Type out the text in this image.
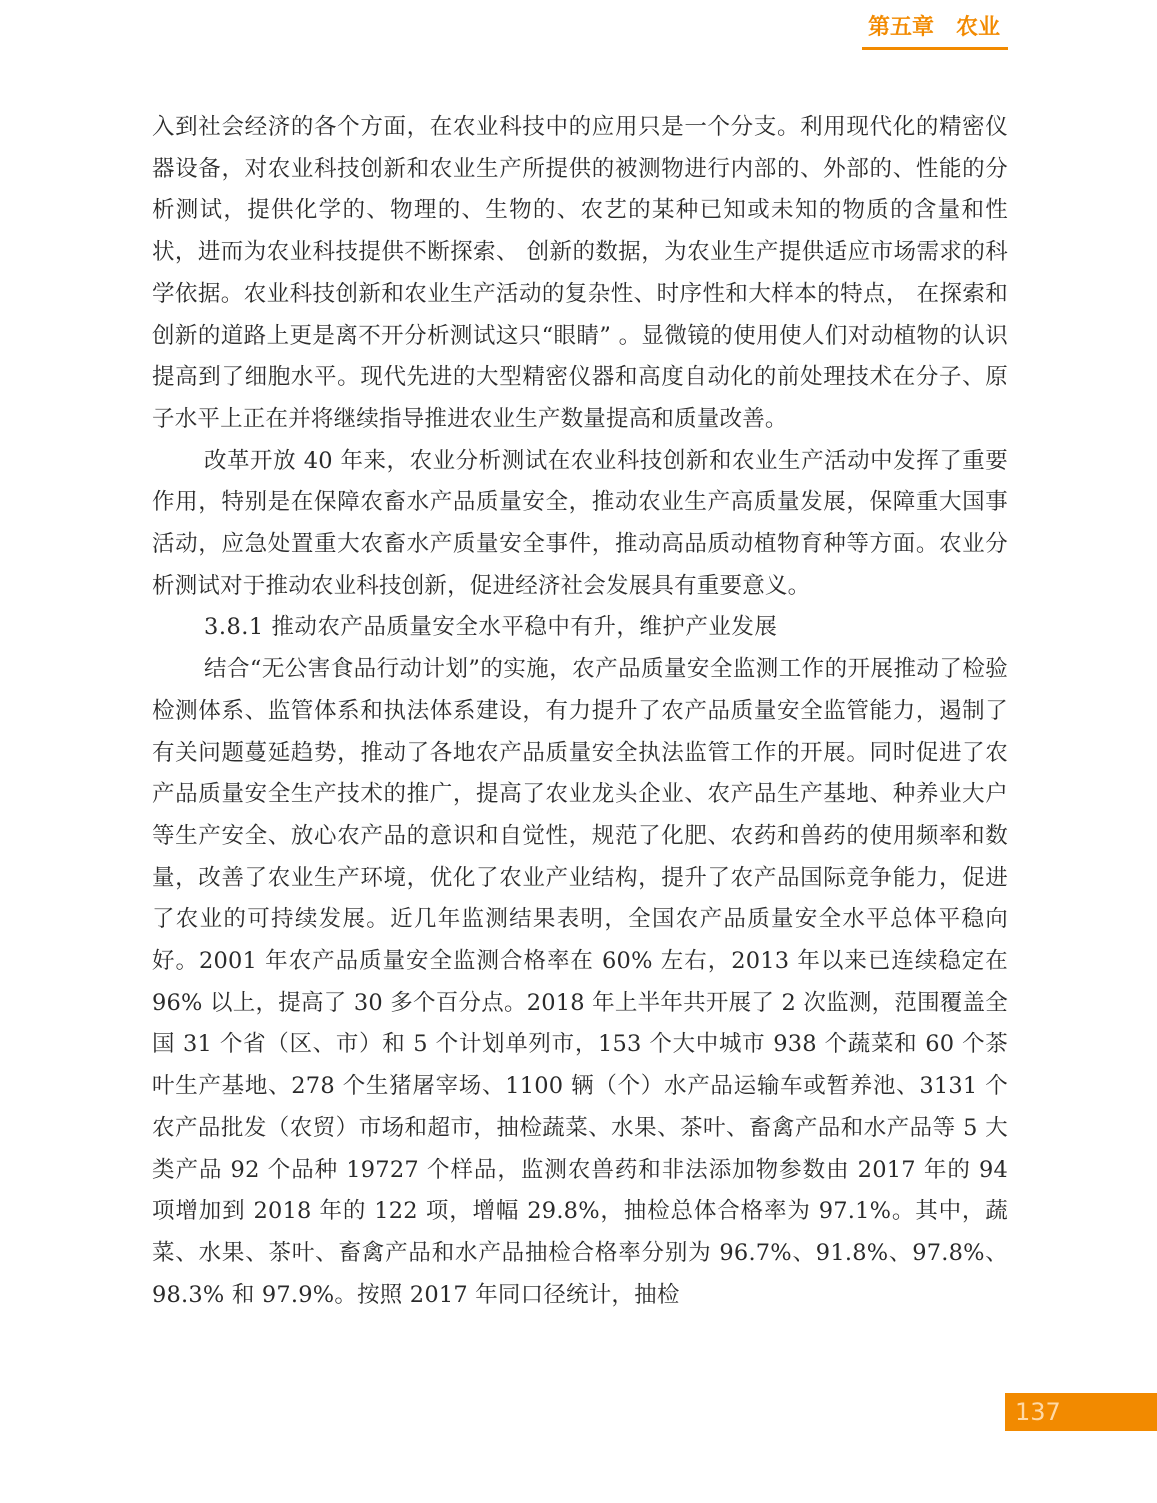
第五章　农业

入到社会经济的各个方面，在农业科技中的应用只是一个分支。利用现代化的精密仪器设备，对农业科技创新和农业生产所提供的被测物进行内部的、外部的、性能的分析测试，提供化学的、物理的、生物的、农艺的某种已知或未知的物质的含量和性状，进而为农业科技提供不断探索、 创新的数据，为农业生产提供适应市场需求的科学依据。农业科技创新和农业生产活动的复杂性、时序性和大样本的特点， 在探索和创新的道路上更是离不开分析测试这只“眼睛” 。显微镜的使用使人们对动植物的认识提高到了细胞水平。现代先进的大型精密仪器和高度自动化的前处理技术在分子、原子水平上正在并将继续指导推进农业生产数量提高和质量改善。

改革开放 40 年来，农业分析测试在农业科技创新和农业生产活动中发挥了重要作用，特别是在保障农畜水产品质量安全，推动农业生产高质量发展，保障重大国事活动，应急处置重大农畜水产质量安全事件，推动高品质动植物育种等方面。农业分析测试对于推动农业科技创新，促进经济社会发展具有重要意义。

3.8.1 推动农产品质量安全水平稳中有升，维护产业发展

结合“无公害食品行动计划”的实施，农产品质量安全监测工作的开展推动了检验检测体系、监管体系和执法体系建设，有力提升了农产品质量安全监管能力，遏制了有关问题蔓延趋势，推动了各地农产品质量安全执法监管工作的开展。同时促进了农产品质量安全生产技术的推广，提高了农业龙头企业、农产品生产基地、种养业大户等生产安全、放心农产品的意识和自觉性，规范了化肥、农药和兽药的使用频率和数量，改善了农业生产环境，优化了农业产业结构，提升了农产品国际竞争能力，促进了农业的可持续发展。近几年监测结果表明，全国农产品质量安全水平总体平稳向好。2001 年农产品质量安全监测合格率在 60% 左右，2013 年以来已连续稳定在 96% 以上，提高了 30 多个百分点。2018 年上半年共开展了 2 次监测，范围覆盖全国 31 个省（区、市）和 5 个计划单列市，153 个大中城市 938 个蔬菜和 60 个茶叶生产基地、278 个生猪屠宰场、1100 辆（个）水产品运输车或暂养池、3131 个农产品批发（农贸）市场和超市，抽检蔬菜、水果、茶叶、畜禽产品和水产品等 5 大类产品 92 个品种 19727 个样品，监测农兽药和非法添加物参数由 2017 年的 94 项增加到 2018 年的 122 项，增幅 29.8%，抽检总体合格率为 97.1%。其中，蔬菜、水果、茶叶、畜禽产品和水产品抽检合格率分别为 96.7%、91.8%、97.8%、98.3% 和 97.9%。按照 2017 年同口径统计，抽检

137
